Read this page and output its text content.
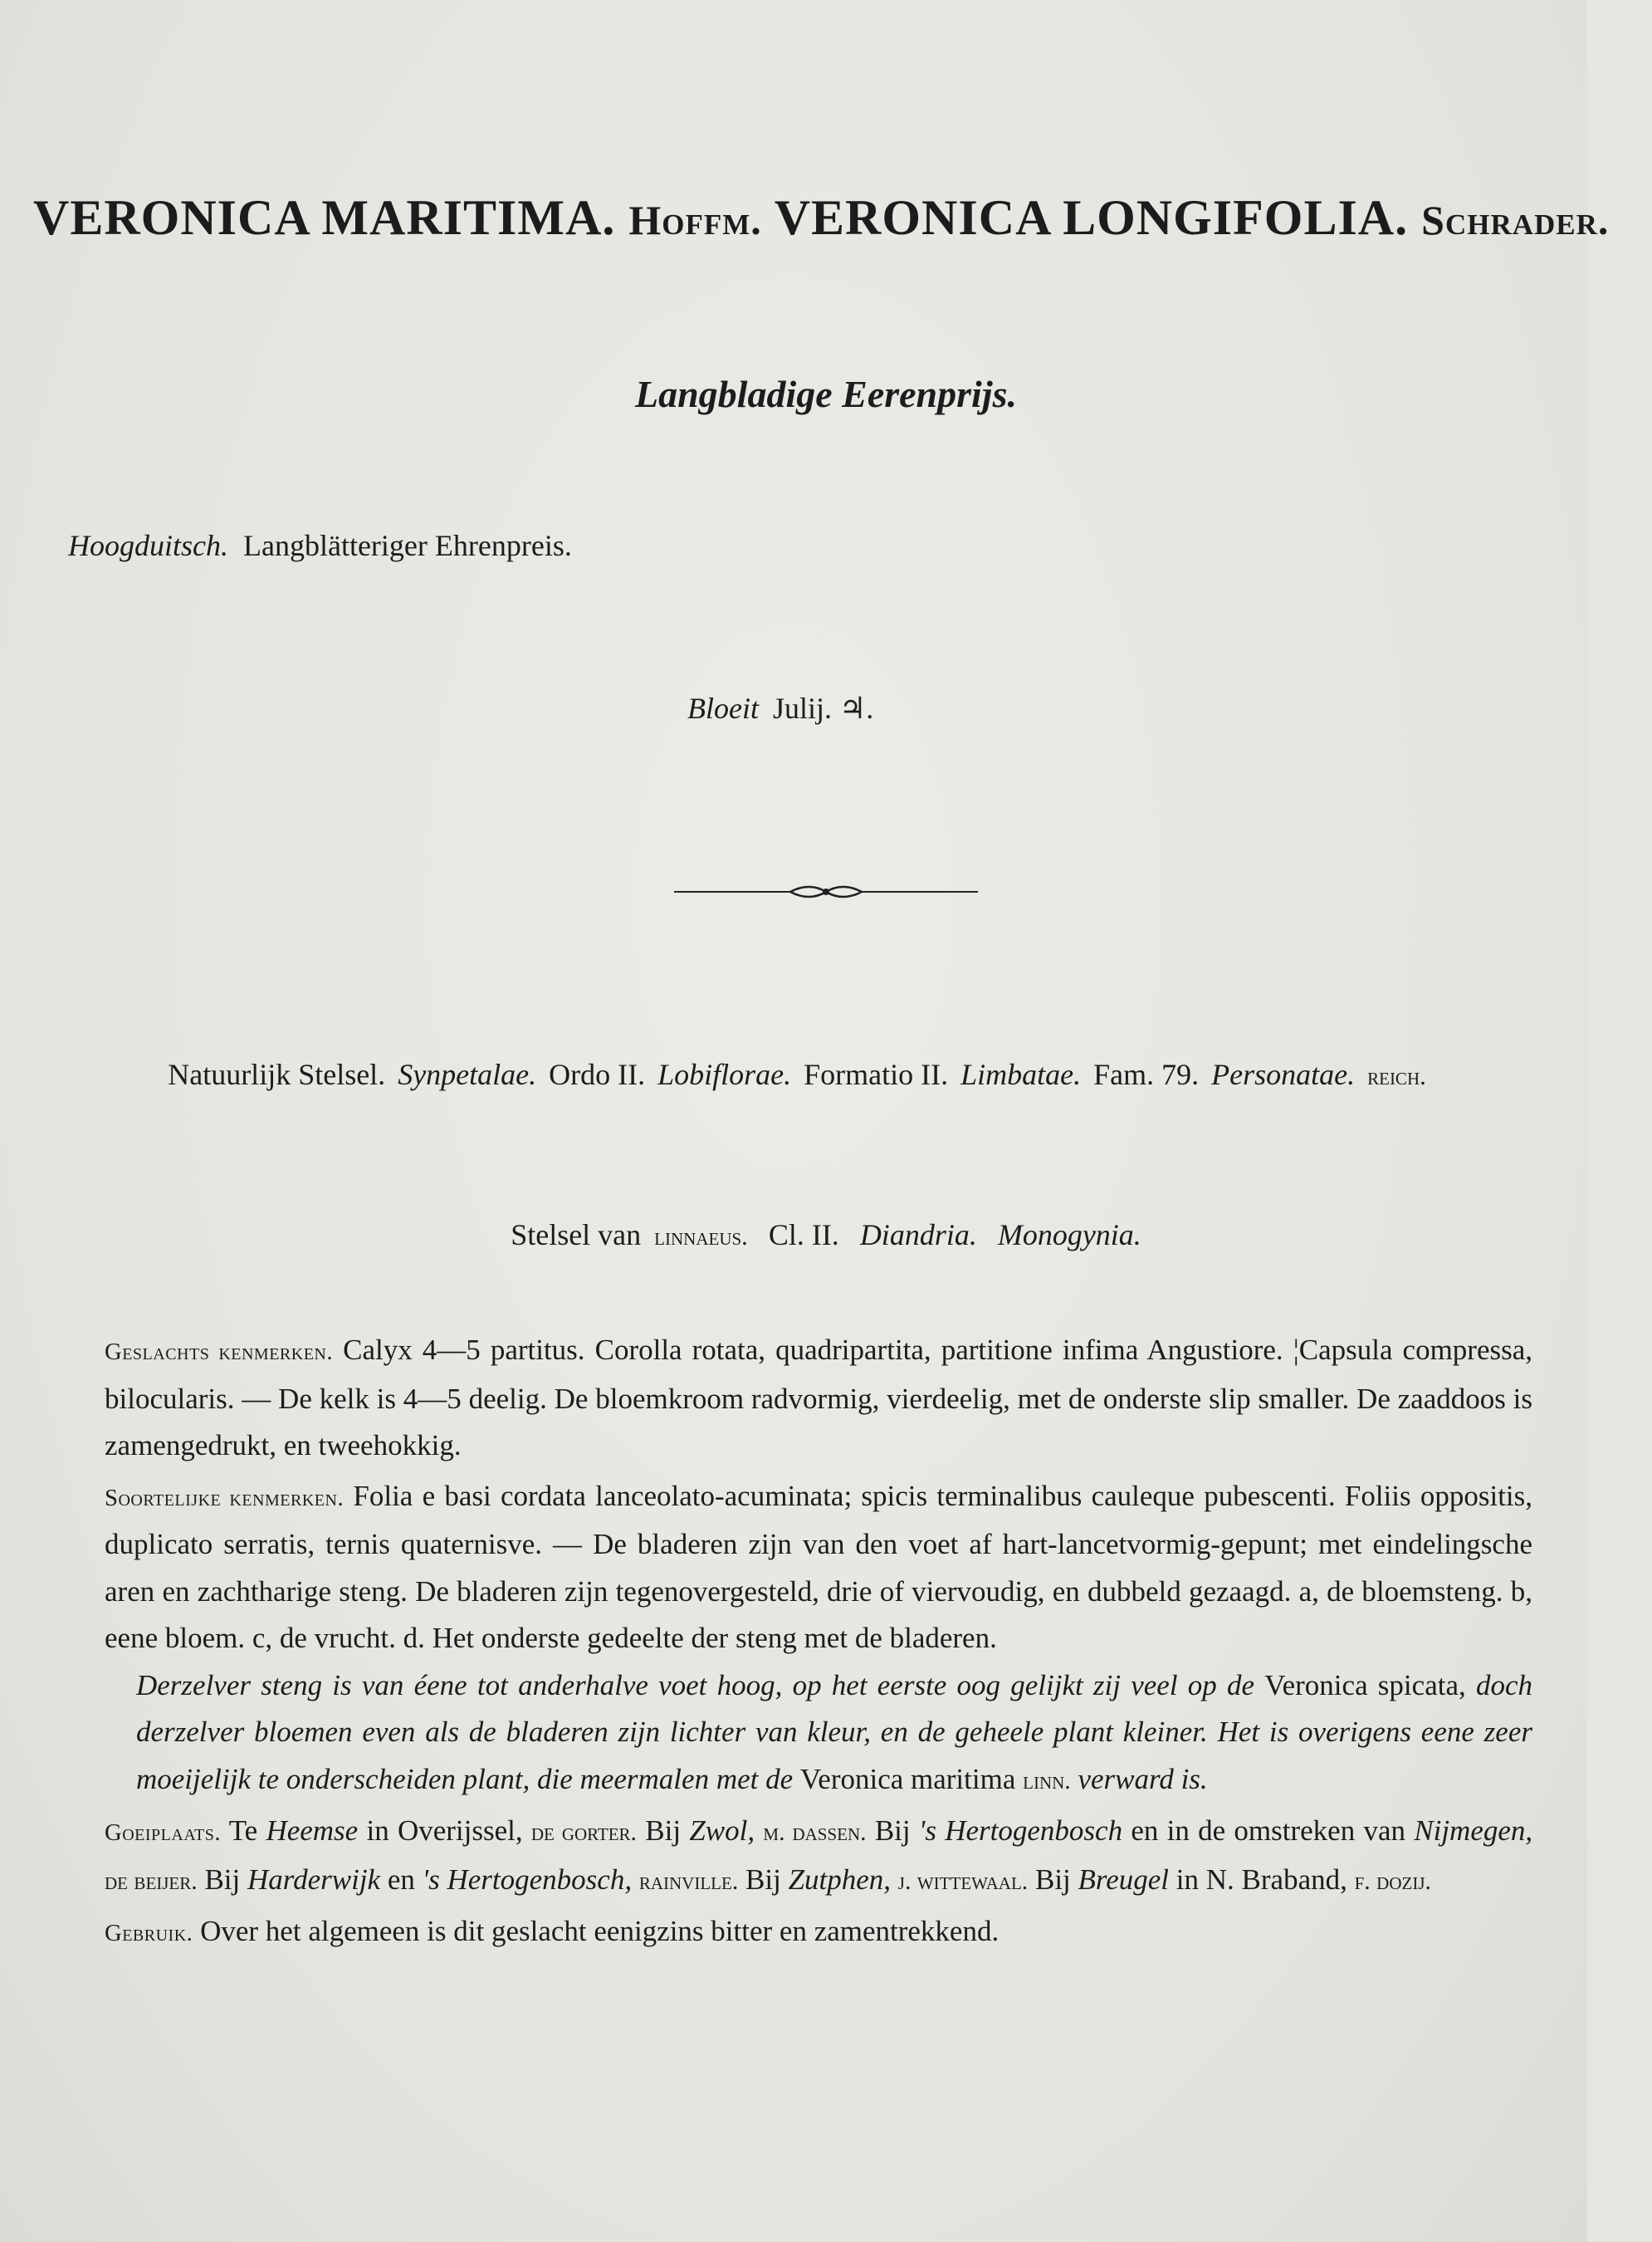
VERONICA MARITIMA. Hoffm. VERONICA LONGIFOLIA. Schrader.
Langbladige Eerenprijs.
Hoogduitsch. Langblätteriger Ehrenpreis.
Bloeit Julij. ♃.
Natuurlijk Stelsel. Synpetalae. Ordo II. Lobiflorae. Formatio II. Limbatae. Fam. 79. Personatae. reich.
Stelsel van linnaeus. Cl. II. Diandria. Monogynia.

Geslachts kenmerken. Calyx 4—5 partitus. Corolla rotata, quadripartita, partitione infima Angustiore. ¦Capsula compressa, bilocularis. — De kelk is 4—5 deelig. De bloemkroom radvormig, vierdeelig, met de onderste slip smaller. De zaaddoos is zamengedrukt, en tweehokkig.

Soortelijke kenmerken. Folia e basi cordata lanceolato-acuminata; spicis terminalibus cauleque pubescenti. Foliis oppositis, duplicato serratis, ternis quaternisve. — De bladeren zijn van den voet af hart-lancetvormig-gepunt; met eindelingsche aren en zachtharige steng. De bladeren zijn tegenovergesteld, drie of viervoudig, en dubbeld gezaagd. a, de bloemsteng. b, eene bloem. c, de vrucht. d. Het onderste gedeelte der steng met de bladeren.

Derzelver steng is van éene tot anderhalve voet hoog, op het eerste oog gelijkt zij veel op de Veronica spicata, doch derzelver bloemen even als de bladeren zijn lichter van kleur, en de geheele plant kleiner. Het is overigens eene zeer moeijelijk te onderscheiden plant, die meermalen met de Veronica maritima linn. verward is.

Goeiplaats. Te Heemse in Overijssel, de gorter. Bij Zwol, m. dassen. Bij 's Hertogenbosch en in de omstreken van Nijmegen, de beijer. Bij Harderwijk en 's Hertogenbosch, rainville. Bij Zutphen, j. wittewaal. Bij Breugel in N. Braband, f. dozij.

Gebruik. Over het algemeen is dit geslacht eenigzins bitter en zamentrekkend.
